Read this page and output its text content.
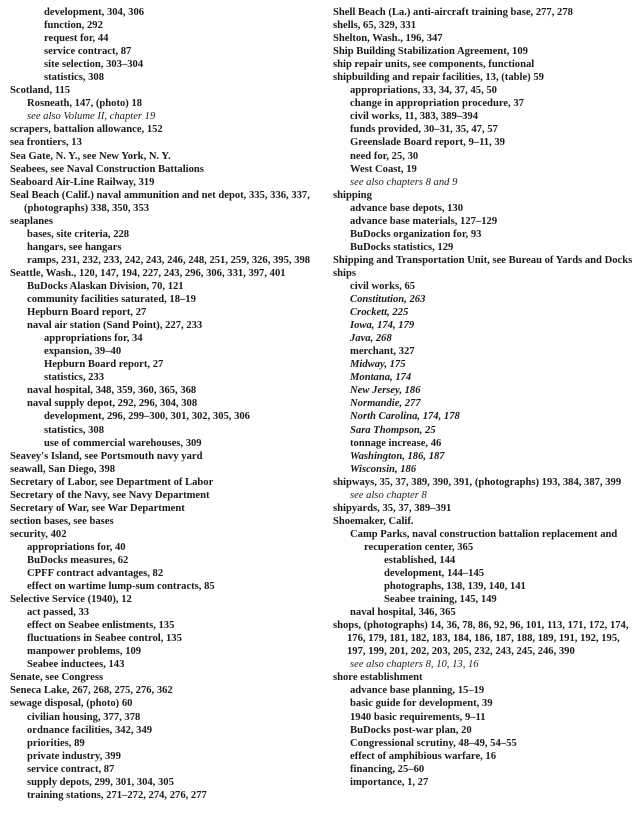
development, 304, 306
function, 292
request for, 44
service contract, 87
site selection, 303–304
statistics, 308
Scotland, 115
Rosneath, 147, (photo) 18
see also Volume II, chapter 19
scrapers, battalion allowance, 152
sea frontiers, 13
Sea Gate, N. Y., see New York, N. Y.
Seabees, see Naval Construction Battalions
Seaboard Air-Line Railway, 319
Seal Beach (Calif.) naval ammunition and net depot, 335, 336, 337, (photographs) 338, 350, 353
seaplanes
bases, site criteria, 228
hangars, see hangars
ramps, 231, 232, 233, 242, 243, 246, 248, 251, 259, 326, 395, 398
Seattle, Wash., 120, 147, 194, 227, 243, 296, 306, 331, 397, 401
BuDocks Alaskan Division, 70, 121
community facilities saturated, 18–19
Hepburn Board report, 27
naval air station (Sand Point), 227, 233
appropriations for, 34
expansion, 39–40
Hepburn Board report, 27
statistics, 233
naval hospital, 348, 359, 360, 365, 368
naval supply depot, 292, 296, 304, 308
development, 296, 299–300, 301, 302, 305, 306
statistics, 308
use of commercial warehouses, 309
Seavey's Island, see Portsmouth navy yard
seawall, San Diego, 398
Secretary of Labor, see Department of Labor
Secretary of the Navy, see Navy Department
Secretary of War, see War Department
section bases, see bases
security, 402
appropriations for, 40
BuDocks measures, 62
CPFF contract advantages, 82
effect on wartime lump-sum contracts, 85
Selective Service (1940), 12
act passed, 33
effect on Seabee enlistments, 135
fluctuations in Seabee control, 135
manpower problems, 109
Seabee inductees, 143
Senate, see Congress
Seneca Lake, 267, 268, 275, 276, 362
sewage disposal, (photo) 60
civilian housing, 377, 378
ordnance facilities, 342, 349
priorities, 89
private industry, 399
service contract, 87
supply depots, 299, 301, 304, 305
training stations, 271–272, 274, 276, 277
Shell Beach (La.) anti-aircraft training base, 277, 278
shells, 65, 329, 331
Shelton, Wash., 196, 347
Ship Building Stabilization Agreement, 109
ship repair units, see components, functional
shipbuilding and repair facilities, 13, (table) 59
appropriations, 33, 34, 37, 45, 50
change in appropriation procedure, 37
civil works, 11, 383, 389–394
funds provided, 30–31, 35, 47, 57
Greenslade Board report, 9–11, 39
need for, 25, 30
West Coast, 19
see also chapters 8 and 9
shipping
advance base depots, 130
advance base materials, 127–129
BuDocks organization for, 93
BuDocks statistics, 129
Shipping and Transportation Unit, see Bureau of Yards and Docks
ships
civil works, 65
Constitution, 263
Crockett, 225
Iowa, 174, 179
Java, 268
merchant, 327
Midway, 175
Montana, 174
New Jersey, 186
Normandie, 277
North Carolina, 174, 178
Sara Thompson, 25
tonnage increase, 46
Washington, 186, 187
Wisconsin, 186
shipways, 35, 37, 389, 390, 391, (photographs) 193, 384, 387, 399
see also chapter 8
shipyards, 35, 37, 389–391
Shoemaker, Calif.
Camp Parks, naval construction battalion replacement and recuperation center, 365
established, 144
development, 144–145
photographs, 138, 139, 140, 141
Seabee training, 145, 149
naval hospital, 346, 365
shops, (photographs) 14, 36, 78, 86, 92, 96, 101, 113, 171, 172, 174, 176, 179, 181, 182, 183, 184, 186, 187, 188, 189, 191, 192, 195, 197, 199, 201, 202, 203, 205, 232, 243, 245, 246, 390
see also chapters 8, 10, 13, 16
shore establishment
advance base planning, 15–19
basic guide for development, 39
1940 basic requirements, 9–11
BuDocks post-war plan, 20
Congressional scrutiny, 48–49, 54–55
effect of amphibious warfare, 16
financing, 25–60
importance, 1, 27
